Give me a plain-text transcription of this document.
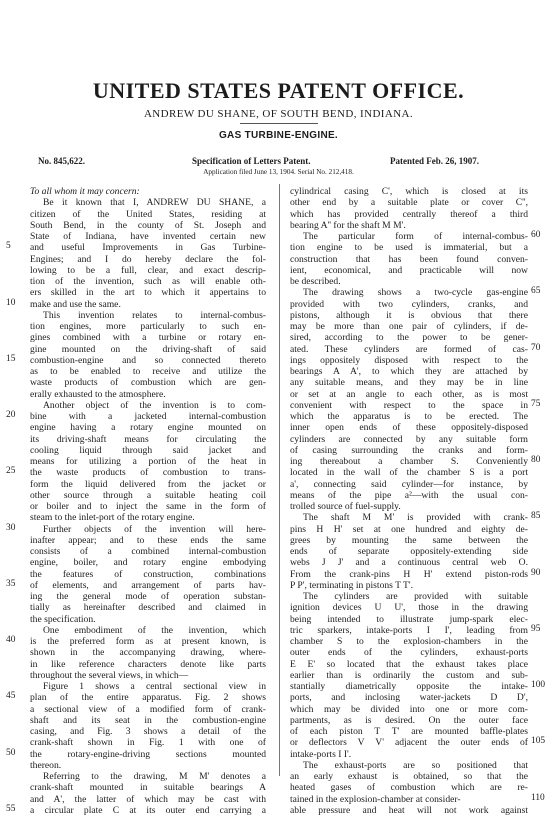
UNITED STATES PATENT OFFICE.
ANDREW DU SHANE, OF SOUTH BEND, INDIANA.
GAS TURBINE-ENGINE.
No. 845,622.	Specification of Letters Patent.	Patented Feb. 26, 1907.
Application filed June 13, 1904. Serial No. 212,418.
To all whom it may concern:
Be it known that I, ANDREW DU SHANE, a
citizen of the United States, residing at
South Bend, in the county of St. Joseph and
State of Indiana, have invented certain new
and useful Improvements in Gas Turbine-
Engines; and I do hereby declare the fol-
lowing to be a full, clear, and exact descrip-
tion of the invention, such as will enable oth-
ers skilled in the art to which it appertains to
make and use the same.
This invention relates to internal-combus-
tion engines, more particularly to such en-
gines combined with a turbine or rotary en-
gine mounted on the driving-shaft of said
combustion-engine and so connected thereto
as to be enabled to receive and utilize the
waste products of combustion which are gen-
erally exhausted to the atmosphere.
Another object of the invention is to com-
bine with a jacketed internal-combustion
engine having a rotary engine mounted on
its driving-shaft means for circulating the
cooling liquid through said jacket and
means for utilizing a portion of the heat in
the waste products of combustion to trans-
form the liquid delivered from the jacket or
other source through a suitable heating coil
or boiler and to inject the same in the form of
steam to the inlet-port of the rotary engine.
Further objects of the invention will here-
inafter appear; and to these ends the same
consists of a combined internal-combustion
engine, boiler, and rotary engine embodying
the features of construction, combinations
of elements, and arrangement of parts hav-
ing the general mode of operation substan-
tially as hereinafter described and claimed in
the specification.
One embodiment of the invention, which
is the preferred form as at present known, is
shown in the accompanying drawing, where-
in like reference characters denote like parts
throughout the several views, in which—
Figure 1 shows a central sectional view in
plan of the entire apparatus. Fig. 2 shows
a sectional view of a modified form of crank-
shaft and its seat in the combustion-engine
casing, and Fig. 3 shows a detail of the
crank-shaft shown in Fig. 1 with one of
the rotary-engine-driving sections mounted
thereon.
Referring to the drawing, M M' denotes a
crank-shaft mounted in suitable bearings A
and A', the latter of which may be cast with
a circular plate C at its outer end carrying a
cylindrical casing C', which is closed at its
other end by a suitable plate or cover C'',
which has provided centrally thereof a third
bearing A'' for the shaft M M'.
The particular form of internal-combus-
tion engine to be used is immaterial, but a
construction that has been found conven-
ient, economical, and practicable will now
be described.
The drawing shows a two-cycle gas-engine
provided with two cylinders, cranks, and
pistons, although it is obvious that there
may be more than one pair of cylinders, if de-
sired, according to the power to be gener-
ated. These cylinders are formed of cas-
ings oppositely disposed with respect to the
bearings A A', to which they are attached by
any suitable means, and they may be in line
or set at an angle to each other, as is most
convenient with respect to the space in
which the apparatus is to be erected. The
inner open ends of these oppositely-disposed
cylinders are connected by any suitable form
of casing surrounding the cranks and form-
ing thereabout a chamber S. Conveniently
located in the wall of the chamber S is a port
a', connecting said cylinder—for instance, by
means of the pipe a²—with the usual con-
trolled source of fuel-supply.
The shaft M M' is provided with crank-
pins H H' set at one hundred and eighty de-
grees by mounting the same between the
ends of separate oppositely-extending side
webs J J' and a continuous central web O.
From the crank-pins H H' extend piston-rods
P P', terminating in pistons T T'.
The cylinders are provided with suitable
ignition devices U U', those in the drawing
being intended to illustrate jump-spark elec-
tric sparkers, intake-ports I I', leading from
chamber S to the explosion-chambers in the
outer ends of the cylinders, exhaust-ports
E E' so located that the exhaust takes place
earlier than is ordinarily the custom and sub-
stantially diametrically opposite the intake-
ports, and inclosing water-jackets D D',
which may be divided into one or more com-
partments, as is desired. On the outer face
of each piston T T' are mounted baffle-plates
or deflectors V V' adjacent the outer ends of
intake-ports I I'.
The exhaust-ports are so positioned that
an early exhaust is obtained, so that the
heated gases of combustion which are re-
tained in the explosion-chamber at consider-
able pressure and heat will not work against
5
10
15
20
25
30
35
40
45
50
55
60
65
70
75
80
85
90
95
100
105
110
